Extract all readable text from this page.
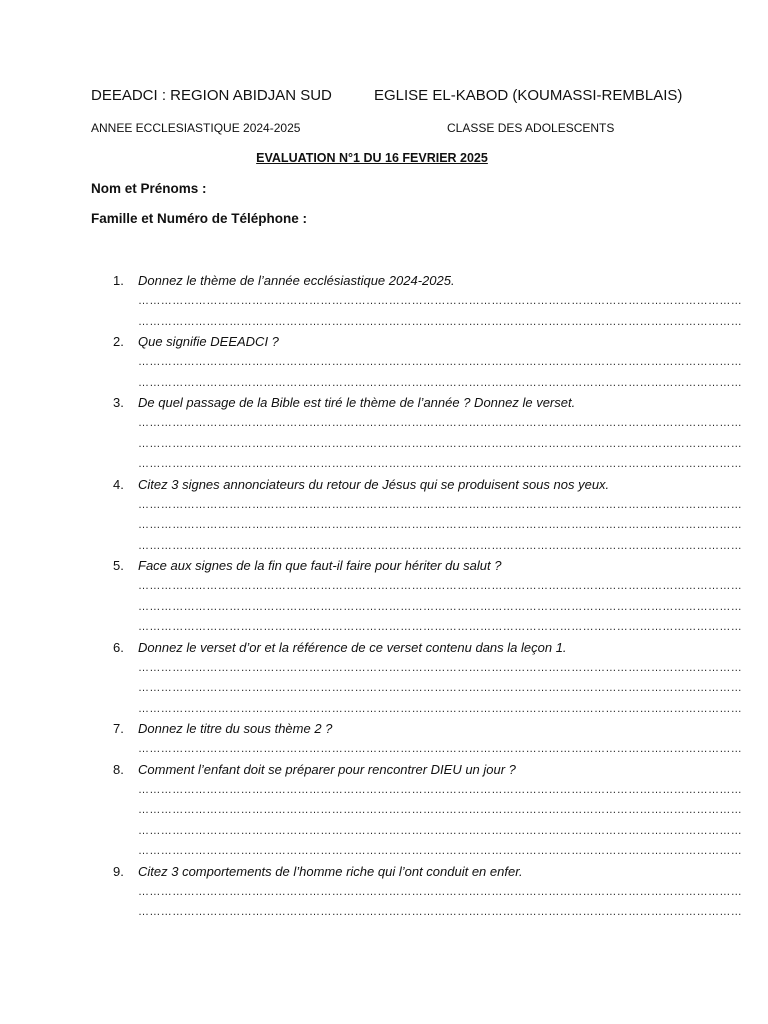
DEEADCI : REGION ABIDJAN SUD	EGLISE EL-KABOD (KOUMASSI-REMBLAIS)
ANNEE ECCLESIASTIQUE 2024-2025	CLASSE DES ADOLESCENTS
EVALUATION N°1 DU 16 FEVRIER 2025
Nom et Prénoms :
Famille et Numéro de Téléphone :
1.	Donnez le thème de l’année ecclésiastique 2024-2025.
……………………………………………………………………………………………………………………………………………
……………………………………………………………………………………………………………………………………………
2.	Que signifie DEEADCI ?
……………………………………………………………………………………………………………………………………………
……………………………………………………………………………………………………………………………………………
3.	De quel passage de la Bible est tiré le thème de l’année ? Donnez le verset.
……………………………………………………………………………………………………………………………………………
……………………………………………………………………………………………………………………………………………
……………………………………………………………………………………………………………………………………………
4.	Citez 3 signes annonciateurs du retour de Jésus qui se produisent sous nos yeux.
……………………………………………………………………………………………………………………………………………
……………………………………………………………………………………………………………………………………………
……………………………………………………………………………………………………………………………………………
5.	Face aux signes de la fin que faut-il faire pour hériter du salut ?
……………………………………………………………………………………………………………………………………………
……………………………………………………………………………………………………………………………………………
……………………………………………………………………………………………………………………………………………
6.	Donnez le verset d’or et la référence de ce verset contenu dans la leçon 1.
……………………………………………………………………………………………………………………………………………
……………………………………………………………………………………………………………………………………………
……………………………………………………………………………………………………………………………………………
7.	Donnez le titre du sous thème 2 ?
……………………………………………………………………………………………………………………………………………
8.	Comment l’enfant doit se préparer pour rencontrer DIEU un jour ?
……………………………………………………………………………………………………………………………………………
……………………………………………………………………………………………………………………………………………
……………………………………………………………………………………………………………………………………………
……………………………………………………………………………………………………………………………………………
9.	Citez 3 comportements de l’homme riche qui l’ont conduit en enfer.
……………………………………………………………………………………………………………………………………………
……………………………………………………………………………………………………………………………………………
